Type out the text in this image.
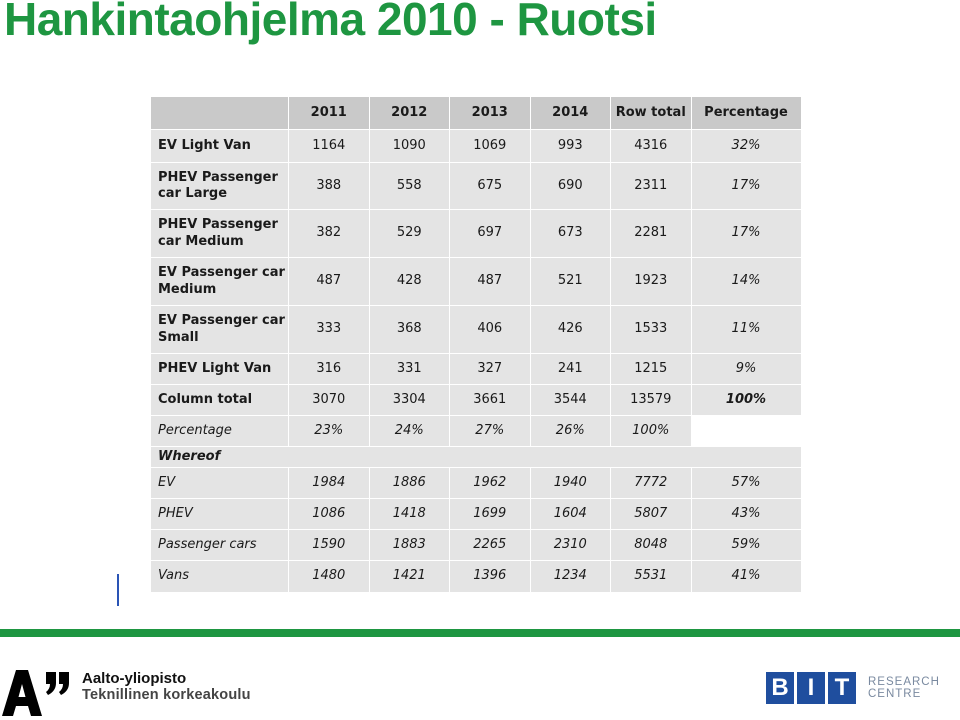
Hankintaohjelma 2010 - Ruotsi
	2011	2012	2013	2014	Row total	Percentage
EV Light Van	1164	1090	1069	993	4316	32%
PHEV Passenger
car Large	388	558	675	690	2311	17%
PHEV Passenger
car Medium	382	529	697	673	2281	17%
EV Passenger car
Medium	487	428	487	521	1923	14%
EV Passenger car
Small	333	368	406	426	1533	11%
PHEV Light Van	316	331	327	241	1215	9%
Column total	3070	3304	3661	3544	13579	100%
Percentage	23%	24%	27%	26%	100%	
Whereof						
EV	1984	1886	1962	1940	7772	57%
PHEV	1086	1418	1699	1604	5807	43%
Passenger cars	1590	1883	2265	2310	8048	59%
Vans	1480	1421	1396	1234	5531	41%
Aalto-yliopisto
Teknillinen korkeakoulu	B I T	RESEARCH
CENTRE
